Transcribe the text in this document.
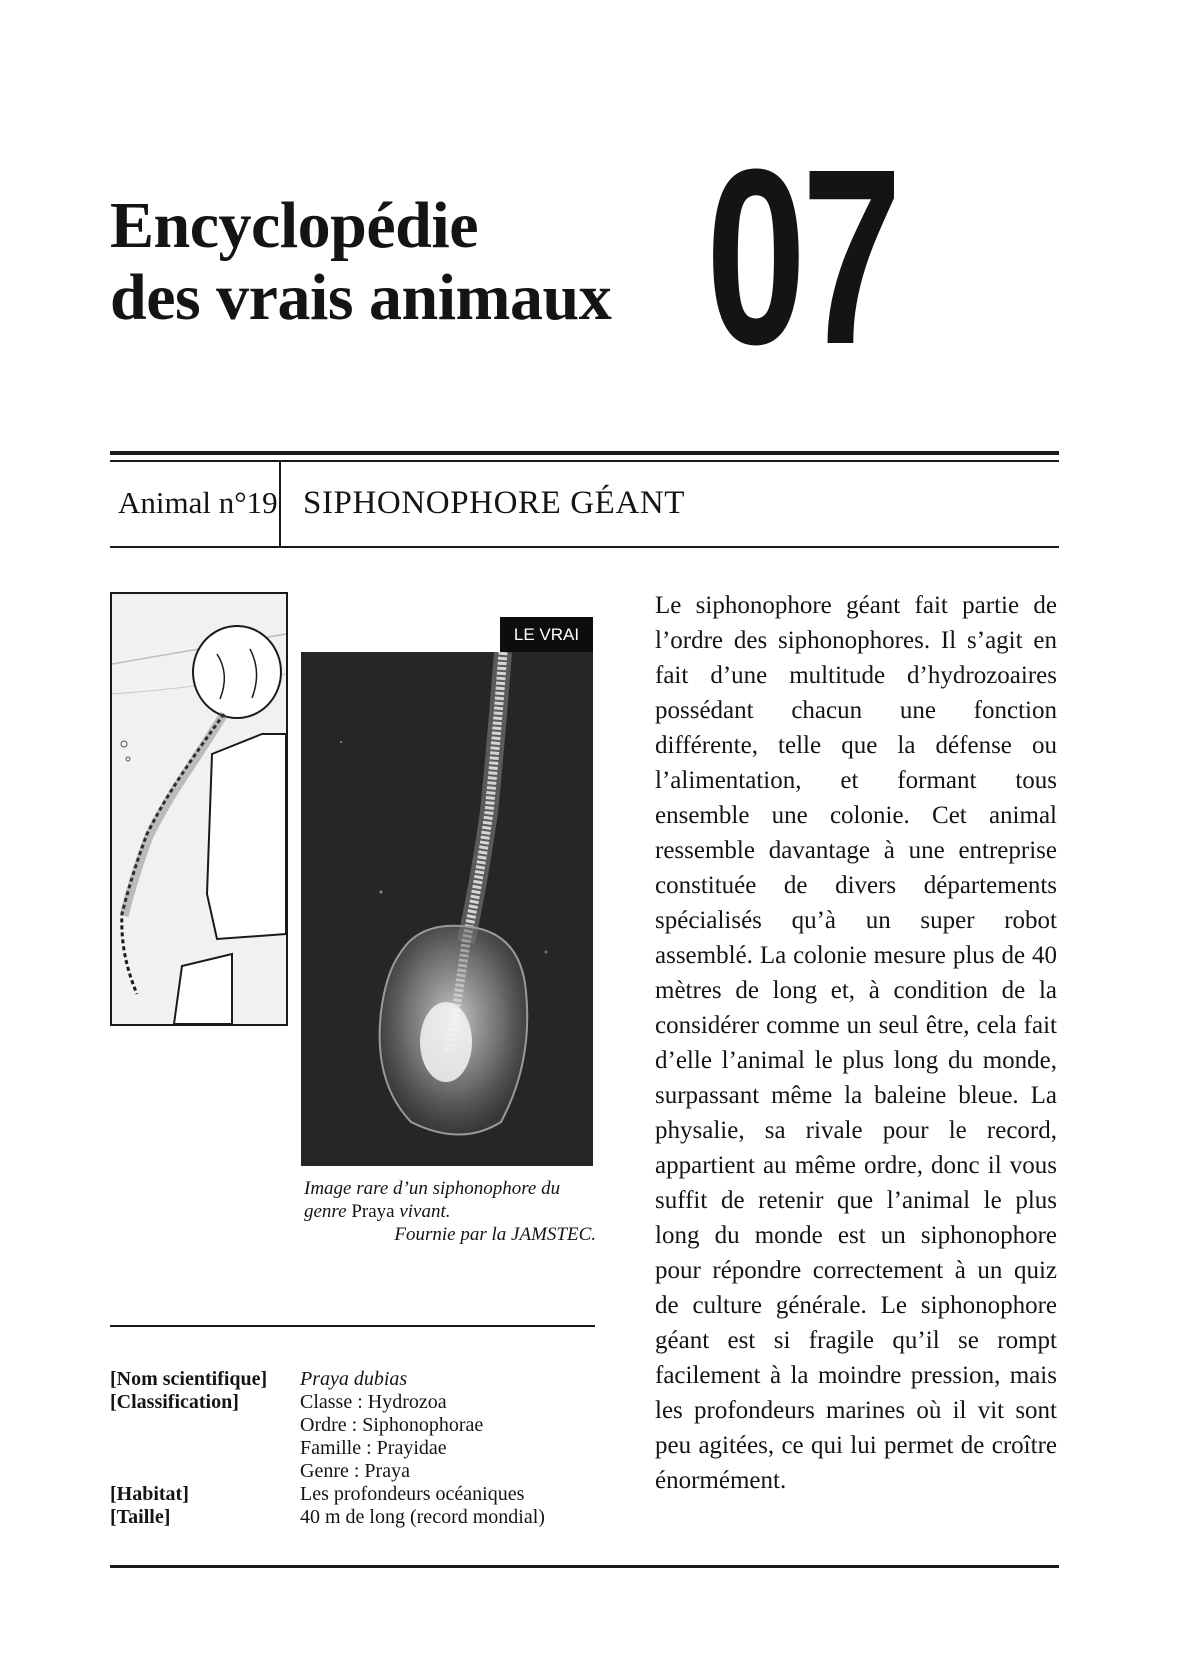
Encyclopédie
des vrais animaux 07
Animal n°19 SIPHONOPHORE GÉANT
LE VRAI
Image rare d’un siphonophore du genre Praya vivant.
Fournie par la JAMSTEC.
[Nom scientifique]	Praya dubias
[Classification]	Classe : Hydrozoa
Ordre : Siphonophorae
Famille : Prayidae
Genre : Praya
[Habitat]	Les profondeurs océaniques
[Taille]	40 m de long (record mondial)
Le siphonophore géant fait partie de l’ordre des siphonophores. Il s’agit en fait d’une multitude d’hydrozoaires possédant chacun une fonction différente, telle que la défense ou l’alimentation, et formant tous ensemble une colonie. Cet animal ressemble davantage à une entreprise constituée de divers départements spécialisés qu’à un super robot assemblé. La colonie mesure plus de 40 mètres de long et, à condition de la considérer comme un seul être, cela fait d’elle l’animal le plus long du monde, surpassant même la baleine bleue. La physalie, sa rivale pour le record, appartient au même ordre, donc il vous suffit de retenir que l’animal le plus long du monde est un siphonophore pour répondre correctement à un quiz de culture générale. Le siphonophore géant est si fragile qu’il se rompt facilement à la moindre pression, mais les profondeurs marines où il vit sont peu agitées, ce qui lui permet de croître énormément.
